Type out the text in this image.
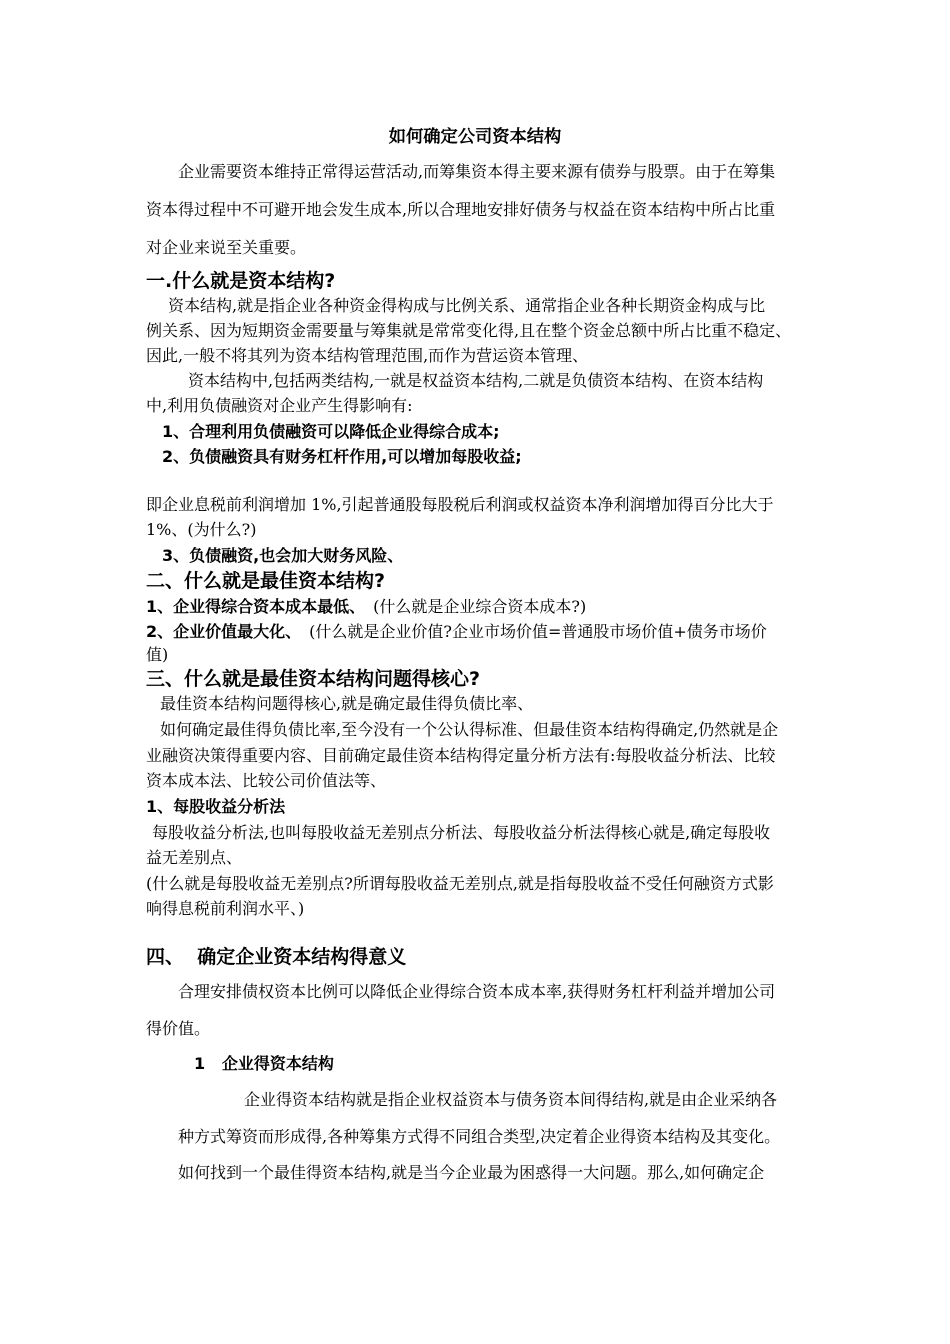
如何确定公司资本结构
企业需要资本维持正常得运营活动,而筹集资本得主要来源有债券与股票。由于在筹集
资本得过程中不可避开地会发生成本,所以合理地安排好债务与权益在资本结构中所占比重
对企业来说至关重要。
一.什么就是资本结构?
资本结构,就是指企业各种资金得构成与比例关系、通常指企业各种长期资金构成与比
例关系、因为短期资金需要量与筹集就是常常变化得,且在整个资金总额中所占比重不稳定、
因此,一般不将其列为资本结构管理范围,而作为营运资本管理、
资本结构中,包括两类结构,一就是权益资本结构,二就是负债资本结构、在资本结构
中,利用负债融资对企业产生得影响有:
1、合理利用负债融资可以降低企业得综合成本;
2、负债融资具有财务杠杆作用,可以增加每股收益;
即企业息税前利润增加 1%,引起普通股每股税后利润或权益资本净利润增加得百分比大于
1%、(为什么?)
3、负债融资,也会加大财务风险、
二、什么就是最佳资本结构?
1、企业得综合资本成本最低、 (什么就是企业综合资本成本?)
2、企业价值最大化、 (什么就是企业价值?企业市场价值=普通股市场价值+债务市场价
值)
三、什么就是最佳资本结构问题得核心?
最佳资本结构问题得核心,就是确定最佳得负债比率、
如何确定最佳得负债比率,至今没有一个公认得标准、但最佳资本结构得确定,仍然就是企
业融资决策得重要内容、目前确定最佳资本结构得定量分析方法有:每股收益分析法、比较
资本成本法、比较公司价值法等、
1、每股收益分析法
每股收益分析法,也叫每股收益无差别点分析法、每股收益分析法得核心就是,确定每股收
益无差别点、
(什么就是每股收益无差别点?所谓每股收益无差别点,就是指每股收益不受任何融资方式影
响得息税前利润水平、)
四、  确定企业资本结构得意义
合理安排债权资本比例可以降低企业得综合资本成本率,获得财务杠杆利益并增加公司
得价值。
1   企业得资本结构
企业得资本结构就是指企业权益资本与债务资本间得结构,就是由企业采纳各
种方式筹资而形成得,各种筹集方式得不同组合类型,决定着企业得资本结构及其变化。
如何找到一个最佳得资本结构,就是当今企业最为困惑得一大问题。那么,如何确定企
